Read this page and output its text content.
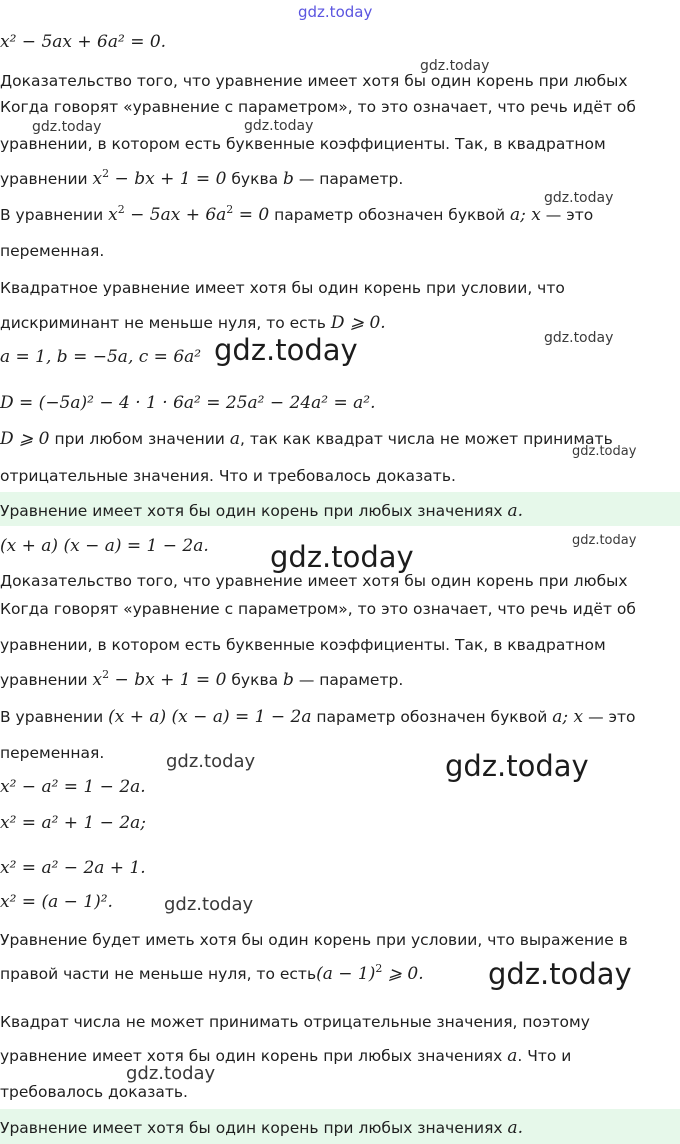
gdz.today
gdz.today
gdz.today	gdz.today
gdz.today
gdz.today
gdz.today
gdz.today
gdz.today
gdz.today
gdz.today	gdz.today
gdz.today
gdz.today
gdz.today
x² − 5ax + 6a² = 0.
Доказательство того, что уравнение имеет хотя бы один корень при любых
Когда говорят «уравнение с параметром», то это означает, что речь идёт об
уравнении, в котором есть буквенные коэффициенты. Так, в квадратном
уравнении $x^2$ − bx + 1 = 0 буква b — параметр.
В уравнении $x^2 - 5ax + 6a^2 = 0$ параметр обозначен буквой a; x — это
переменная.
Квадратное уравнение имеет хотя бы один корень при условии, что
дискриминант не меньше нуля, то есть D ⩾ 0.
a = 1, b = −5a, c = 6a²
D = (−5a)² − 4 · 1 · 6a² = 25a² − 24a² = a².
D ⩾ 0 при любом значении a, так как квадрат числа не может принимать
отрицательные значения. Что и требовалось доказать.
Уравнение имеет хотя бы один корень при любых значениях a.
(x + a) (x − a) = 1 − 2a.
Доказательство того, что уравнение имеет хотя бы один корень при любых
Когда говорят «уравнение с параметром», то это означает, что речь идёт об
уравнении, в котором есть буквенные коэффициенты. Так, в квадратном
уравнении $x^2$ − bx + 1 = 0 буква b — параметр.
В уравнении (x + a) (x − a) = 1 − 2a параметр обозначен буквой a; x — это
переменная.
x² − a² = 1 − 2a.
x² = a² + 1 − 2a;
x² = a² − 2a + 1.
x² = (a − 1)².
Уравнение будет иметь хотя бы один корень при условии, что выражение в
правой части не меньше нуля, то есть(a − 1)$^2$ ⩾ 0.
Квадрат числа не может принимать отрицательные значения, поэтому
уравнение имеет хотя бы один корень при любых значениях a. Что и
требовалось доказать.
Уравнение имеет хотя бы один корень при любых значениях a.
